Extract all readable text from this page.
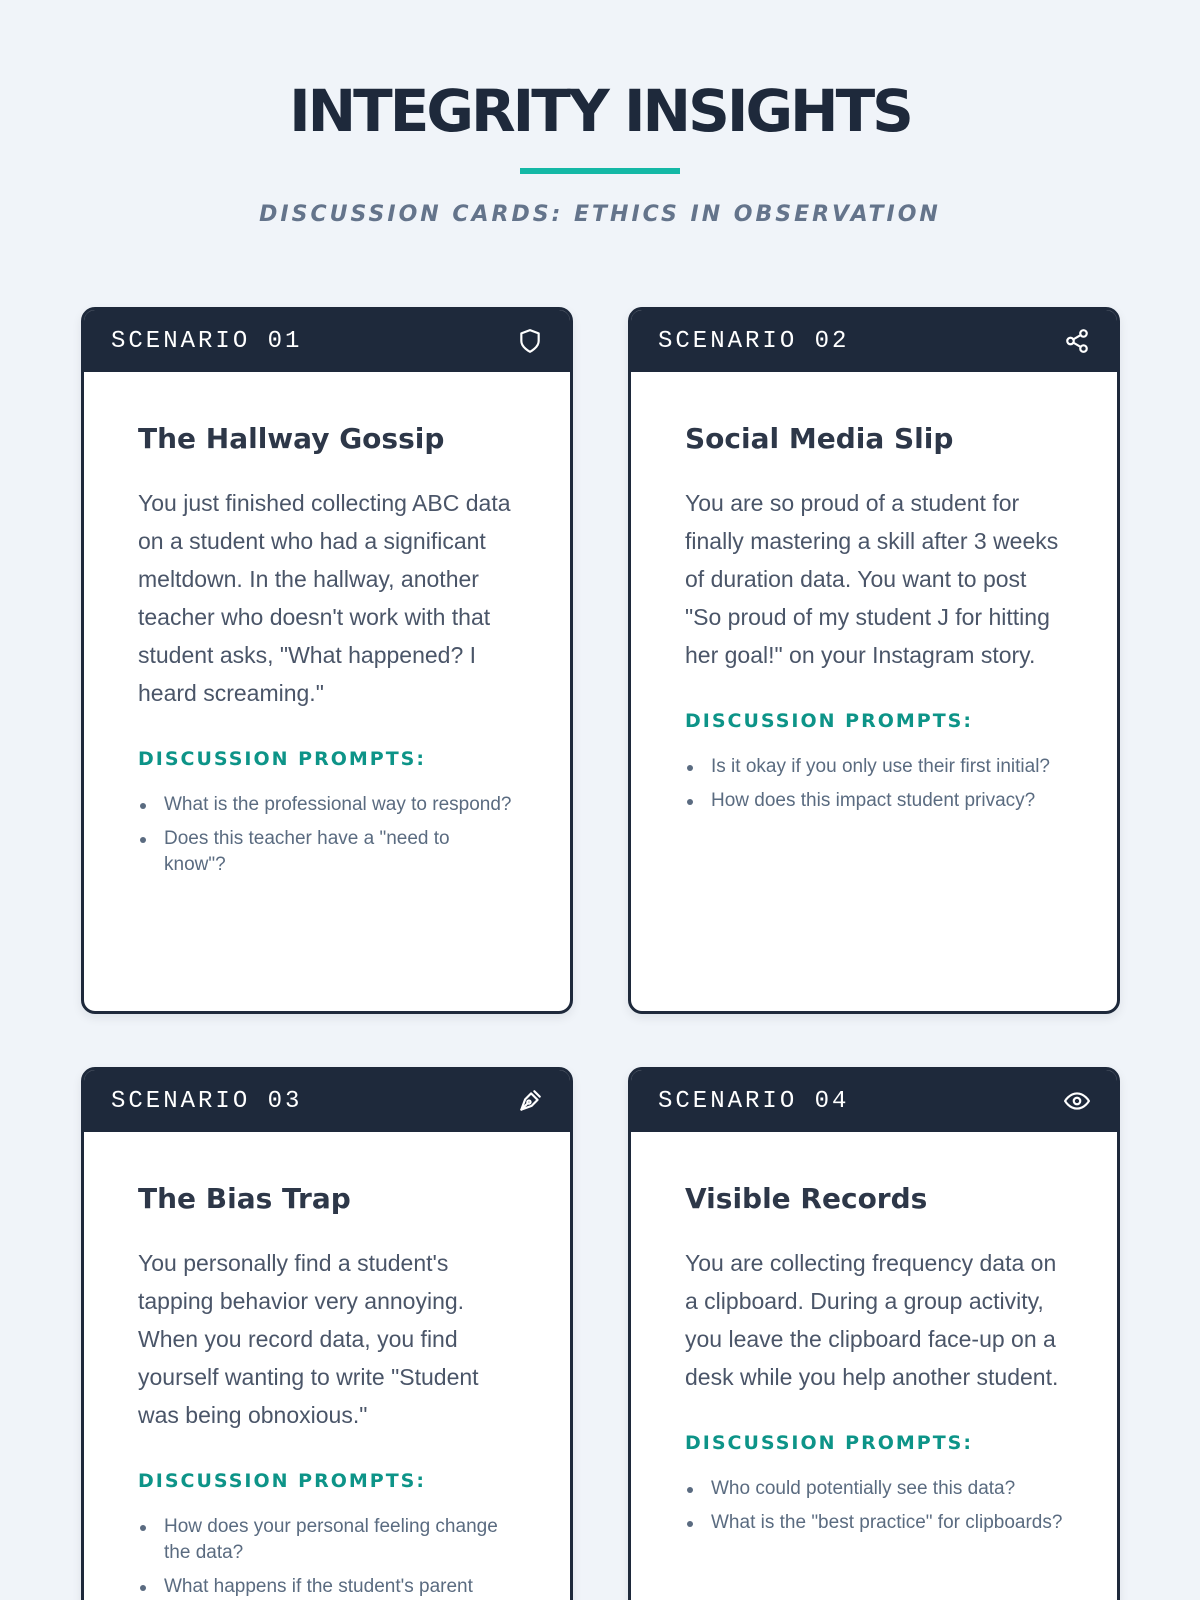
INTEGRITY INSIGHTS
DISCUSSION CARDS: ETHICS IN OBSERVATION
SCENARIO 01
The Hallway Gossip

You just finished collecting ABC data on a student who had a significant meltdown. In the hallway, another teacher who doesn't work with that student asks, "What happened? I heard screaming."

DISCUSSION PROMPTS:
What is the professional way to respond?
Does this teacher have a "need to know"?
SCENARIO 02
Social Media Slip

You are so proud of a student for finally mastering a skill after 3 weeks of duration data. You want to post "So proud of my student J for hitting her goal!" on your Instagram story.

DISCUSSION PROMPTS:
Is it okay if you only use their first initial?
How does this impact student privacy?
SCENARIO 03
The Bias Trap

You personally find a student's tapping behavior very annoying. When you record data, you find yourself wanting to write "Student was being obnoxious."

DISCUSSION PROMPTS:
How does your personal feeling change the data?
What happens if the student's parent
SCENARIO 04
Visible Records

You are collecting frequency data on a clipboard. During a group activity, you leave the clipboard face-up on a desk while you help another student.

DISCUSSION PROMPTS:
Who could potentially see this data?
What is the "best practice" for clipboards?
